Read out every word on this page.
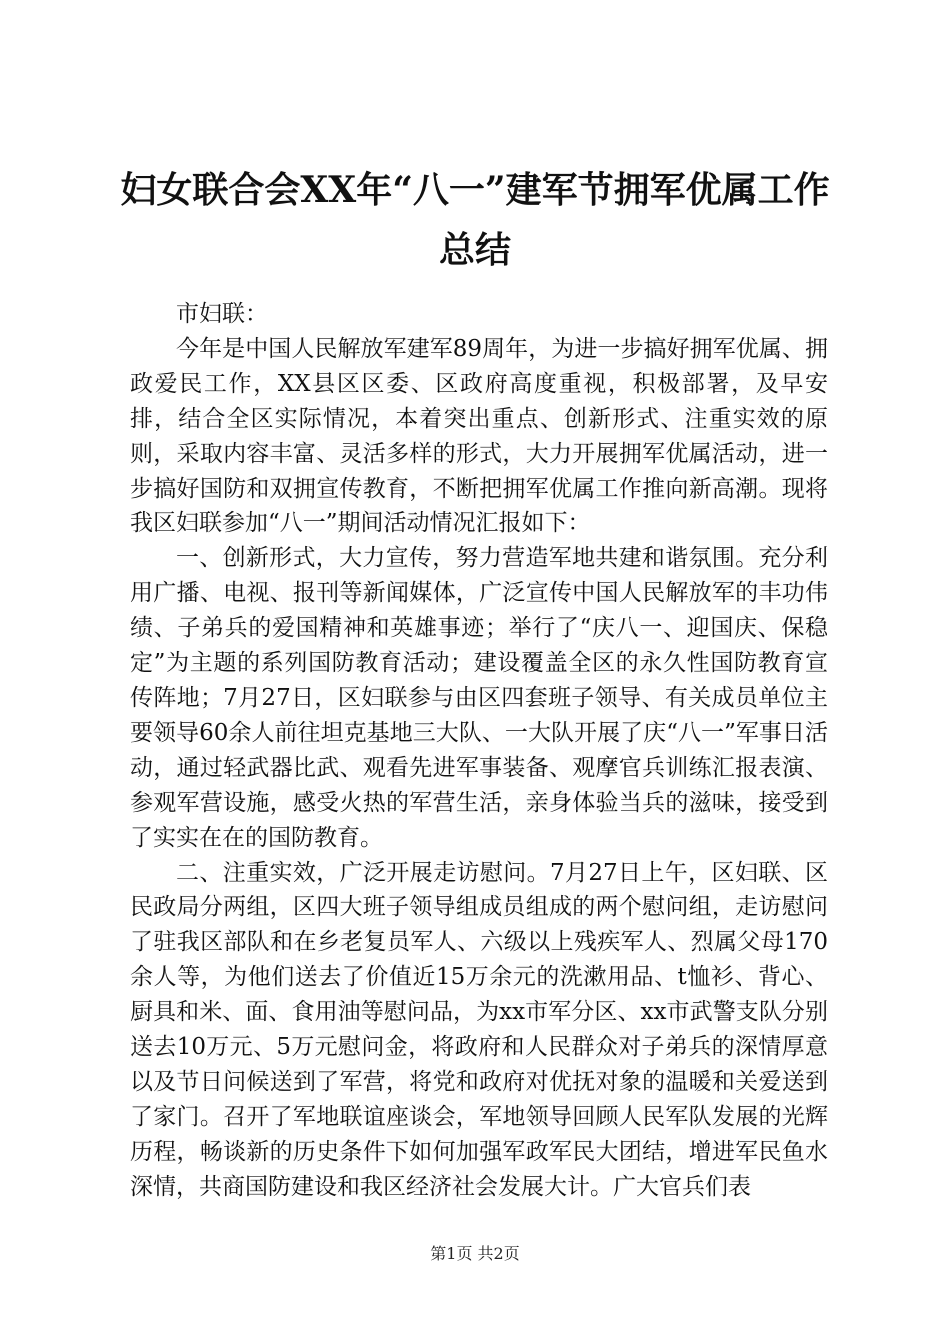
妇女联合会XX年“八一”建军节拥军优属工作总结

市妇联：

今年是中国人民解放军建军89周年，为进一步搞好拥军优属、拥政爱民工作，XX县区区委、区政府高度重视，积极部署，及早安排，结合全区实际情况，本着突出重点、创新形式、注重实效的原则，采取内容丰富、灵活多样的形式，大力开展拥军优属活动，进一步搞好国防和双拥宣传教育，不断把拥军优属工作推向新高潮。现将我区妇联参加“八一”期间活动情况汇报如下：

一、创新形式，大力宣传，努力营造军地共建和谐氛围。充分利用广播、电视、报刊等新闻媒体，广泛宣传中国人民解放军的丰功伟绩、子弟兵的爱国精神和英雄事迹；举行了“庆八一、迎国庆、保稳定”为主题的系列国防教育活动；建设覆盖全区的永久性国防教育宣传阵地；7月27日，区妇联参与由区四套班子领导、有关成员单位主要领导60余人前往坦克基地三大队、一大队开展了庆“八一”军事日活动，通过轻武器比武、观看先进军事装备、观摩官兵训练汇报表演、参观军营设施，感受火热的军营生活，亲身体验当兵的滋味，接受到了实实在在的国防教育。

二、注重实效，广泛开展走访慰问。7月27日上午，区妇联、区民政局分两组，区四大班子领导组成员组成的两个慰问组，走访慰问了驻我区部队和在乡老复员军人、六级以上残疾军人、烈属父母170余人等，为他们送去了价值近15万余元的洗漱用品、t恤衫、背心、厨具和米、面、食用油等慰问品，为xx市军分区、xx市武警支队分别送去10万元、5万元慰问金，将政府和人民群众对子弟兵的深情厚意以及节日问候送到了军营，将党和政府对优抚对象的温暖和关爱送到了家门。召开了军地联谊座谈会，军地领导回顾人民军队发展的光辉历程，畅谈新的历史条件下如何加强军政军民大团结，增进军民鱼水深情，共商国防建设和我区经济社会发展大计。广大官兵们表

第1页 共2页
